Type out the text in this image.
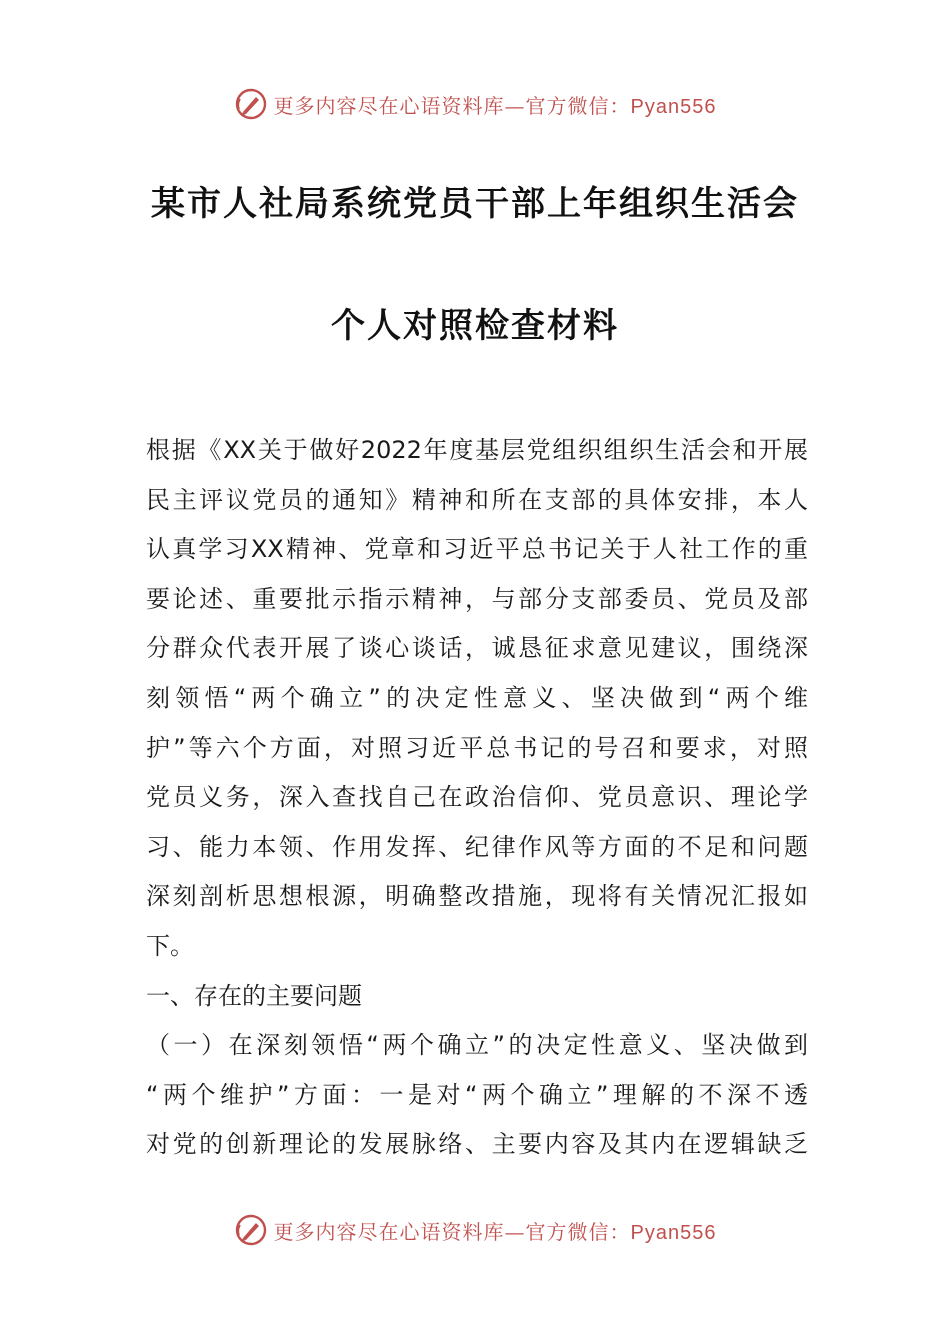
更多内容尽在心语资料库—官方微信：Pyan556
某市人社局系统党员干部上年组织生活会
个人对照检查材料
根据《XX关于做好2022年度基层党组织组织生活会和开展
民主评议党员的通知》精神和所在支部的具体安排，本人
认真学习XX精神、党章和习近平总书记关于人社工作的重
要论述、重要批示指示精神，与部分支部委员、党员及部
分群众代表开展了谈心谈话，诚恳征求意见建议，围绕深
刻领悟“两个确立”的决定性意义、坚决做到“两个维
护”等六个方面，对照习近平总书记的号召和要求，对照
党员义务，深入查找自己在政治信仰、党员意识、理论学
习、能力本领、作用发挥、纪律作风等方面的不足和问题
深刻剖析思想根源，明确整改措施，现将有关情况汇报如
下。
一、存在的主要问题
（一）在深刻领悟“两个确立”的决定性意义、坚决做到
“两个维护”方面：一是对“两个确立”理解的不深不透
对党的创新理论的发展脉络、主要内容及其内在逻辑缺乏
更多内容尽在心语资料库—官方微信：Pyan556
